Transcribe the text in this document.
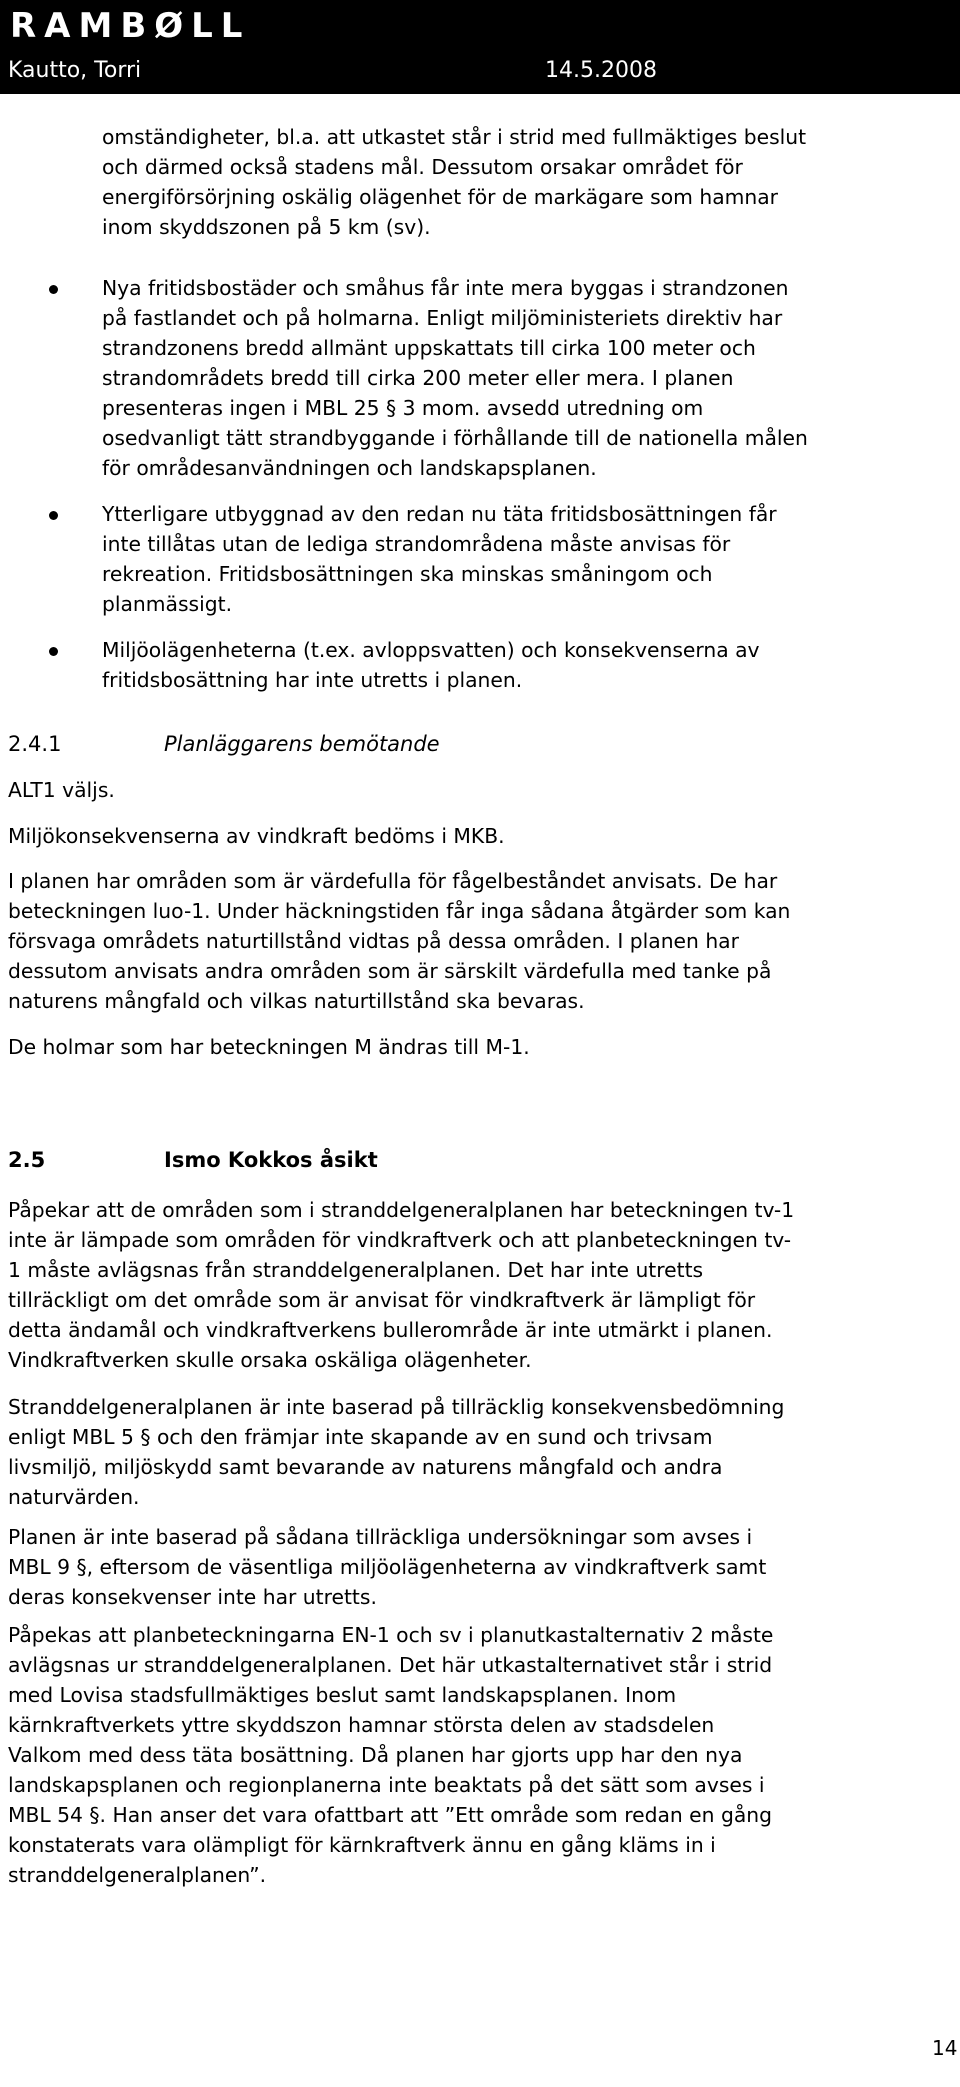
RAMBØLL
Kautto, Torri	14.5.2008
omständigheter, bl.a. att utkastet står i strid med fullmäktiges beslut
och därmed också stadens mål. Dessutom orsakar området för
energiförsörjning oskälig olägenhet för de markägare som hamnar
inom skyddszonen på 5 km (sv).
Nya fritidsbostäder och småhus får inte mera byggas i strandzonen
på fastlandet och på holmarna. Enligt miljöministeriets direktiv har
strandzonens bredd allmänt uppskattats till cirka 100 meter och
strandområdets bredd till cirka 200 meter eller mera. I planen
presenteras ingen i MBL 25 § 3 mom. avsedd utredning om
osedvanligt tätt strandbyggande i förhållande till de nationella målen
för områdesanvändningen och landskapsplanen.
Ytterligare utbyggnad av den redan nu täta fritidsbosättningen får
inte tillåtas utan de lediga strandområdena måste anvisas för
rekreation. Fritidsbosättningen ska minskas småningom och
planmässigt.
Miljöolägenheterna (t.ex. avloppsvatten) och konsekvenserna av
fritidsbosättning har inte utretts i planen.
2.4.1	Planläggarens bemötande
ALT1 väljs.
Miljökonsekvenserna av vindkraft bedöms i MKB.
I planen har områden som är värdefulla för fågelbeståndet anvisats. De har
beteckningen luo-1. Under häckningstiden får inga sådana åtgärder som kan
försvaga områdets naturtillstånd vidtas på dessa områden. I planen har
dessutom anvisats andra områden som är särskilt värdefulla med tanke på
naturens mångfald och vilkas naturtillstånd ska bevaras.
De holmar som har beteckningen M ändras till M-1.
2.5	Ismo Kokkos åsikt
Påpekar att de områden som i stranddelgeneralplanen har beteckningen tv-1
inte är lämpade som områden för vindkraftverk och att planbeteckningen tv-
1 måste avlägsnas från stranddelgeneralplanen. Det har inte utretts
tillräckligt om det område som är anvisat för vindkraftverk är lämpligt för
detta ändamål och vindkraftverkens bullerområde är inte utmärkt i planen.
Vindkraftverken skulle orsaka oskäliga olägenheter.
Stranddelgeneralplanen är inte baserad på tillräcklig konsekvensbedömning
enligt MBL 5 § och den främjar inte skapande av en sund och trivsam
livsmiljö, miljöskydd samt bevarande av naturens mångfald och andra
naturvärden.
Planen är inte baserad på sådana tillräckliga undersökningar som avses i
MBL 9 §, eftersom de väsentliga miljöolägenheterna av vindkraftverk samt
deras konsekvenser inte har utretts.
Påpekas att planbeteckningarna EN-1 och sv i planutkastalternativ 2 måste
avlägsnas ur stranddelgeneralplanen. Det här utkastalternativet står i strid
med Lovisa stadsfullmäktiges beslut samt landskapsplanen. Inom
kärnkraftverkets yttre skyddszon hamnar största delen av stadsdelen
Valkom med dess täta bosättning. Då planen har gjorts upp har den nya
landskapsplanen och regionplanerna inte beaktats på det sätt som avses i
MBL 54 §. Han anser det vara ofattbart att ”Ett område som redan en gång
konstaterats vara olämpligt för kärnkraftverk ännu en gång kläms in i
stranddelgeneralplanen”.
14
